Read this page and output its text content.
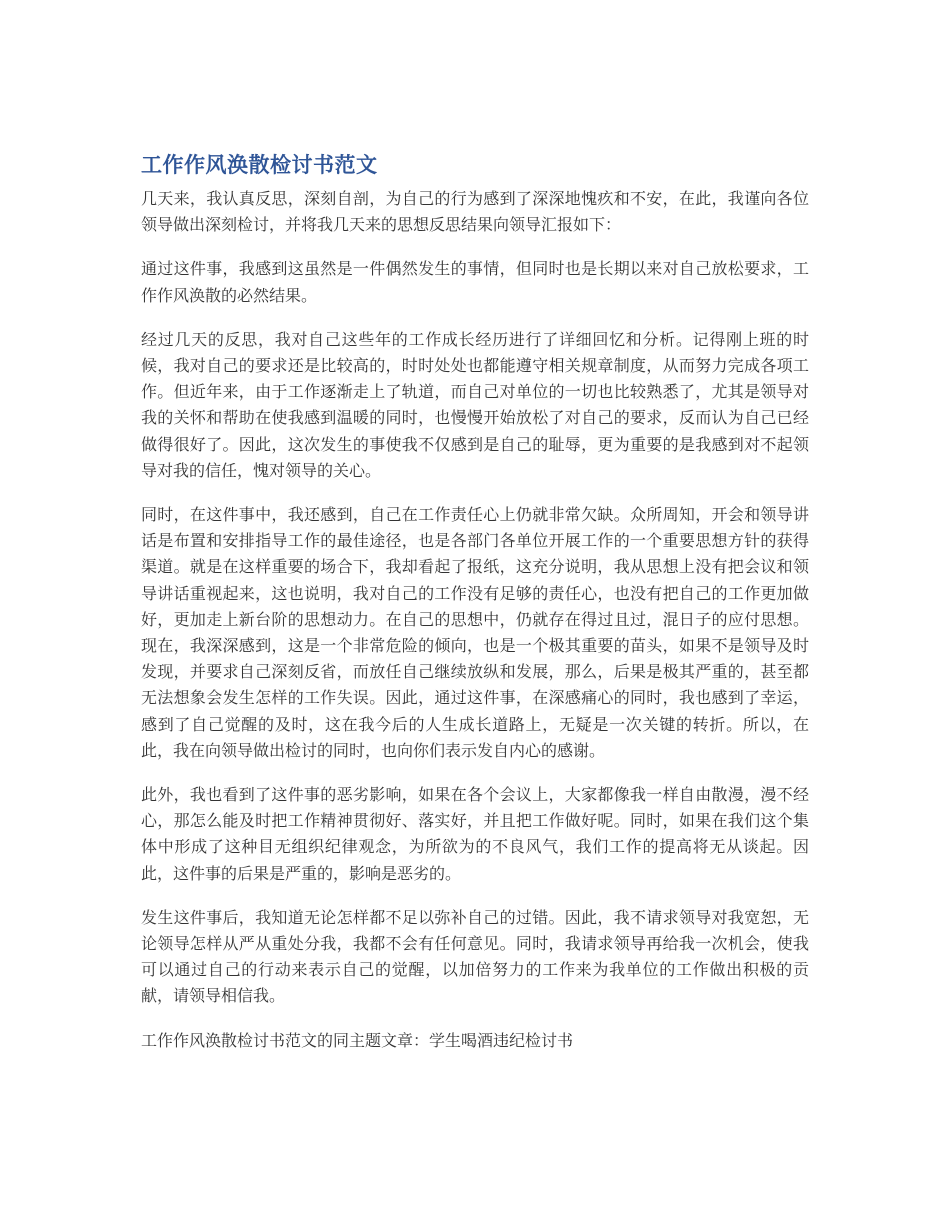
工作作风涣散检讨书范文

几天来，我认真反思，深刻自剖，为自己的行为感到了深深地愧疚和不安，在此，我谨向各位领导做出深刻检讨，并将我几天来的思想反思结果向领导汇报如下：

通过这件事，我感到这虽然是一件偶然发生的事情，但同时也是长期以来对自己放松要求，工作作风涣散的必然结果。

经过几天的反思，我对自己这些年的工作成长经历进行了详细回忆和分析。记得刚上班的时候，我对自己的要求还是比较高的，时时处处也都能遵守相关规章制度，从而努力完成各项工作。但近年来，由于工作逐渐走上了轨道，而自己对单位的一切也比较熟悉了，尤其是领导对我的关怀和帮助在使我感到温暖的同时，也慢慢开始放松了对自己的要求，反而认为自己已经做得很好了。因此，这次发生的事使我不仅感到是自己的耻辱，更为重要的是我感到对不起领导对我的信任，愧对领导的关心。

同时，在这件事中，我还感到，自己在工作责任心上仍就非常欠缺。众所周知，开会和领导讲话是布置和安排指导工作的最佳途径，也是各部门各单位开展工作的一个重要思想方针的获得渠道。就是在这样重要的场合下，我却看起了报纸，这充分说明，我从思想上没有把会议和领导讲话重视起来，这也说明，我对自己的工作没有足够的责任心，也没有把自己的工作更加做好，更加走上新台阶的思想动力。在自己的思想中，仍就存在得过且过，混日子的应付思想。现在，我深深感到，这是一个非常危险的倾向，也是一个极其重要的苗头，如果不是领导及时发现，并要求自己深刻反省，而放任自己继续放纵和发展，那么，后果是极其严重的，甚至都无法想象会发生怎样的工作失误。因此，通过这件事，在深感痛心的同时，我也感到了幸运，感到了自己觉醒的及时，这在我今后的人生成长道路上，无疑是一次关键的转折。所以，在此，我在向领导做出检讨的同时，也向你们表示发自内心的感谢。

此外，我也看到了这件事的恶劣影响，如果在各个会议上，大家都像我一样自由散漫，漫不经心，那怎么能及时把工作精神贯彻好、落实好，并且把工作做好呢。同时，如果在我们这个集体中形成了这种目无组织纪律观念，为所欲为的不良风气，我们工作的提高将无从谈起。因此，这件事的后果是严重的，影响是恶劣的。

发生这件事后，我知道无论怎样都不足以弥补自己的过错。因此，我不请求领导对我宽恕，无论领导怎样从严从重处分我，我都不会有任何意见。同时，我请求领导再给我一次机会，使我可以通过自己的行动来表示自己的觉醒，以加倍努力的工作来为我单位的工作做出积极的贡献，请领导相信我。

工作作风涣散检讨书范文的同主题文章：学生喝酒违纪检讨书
